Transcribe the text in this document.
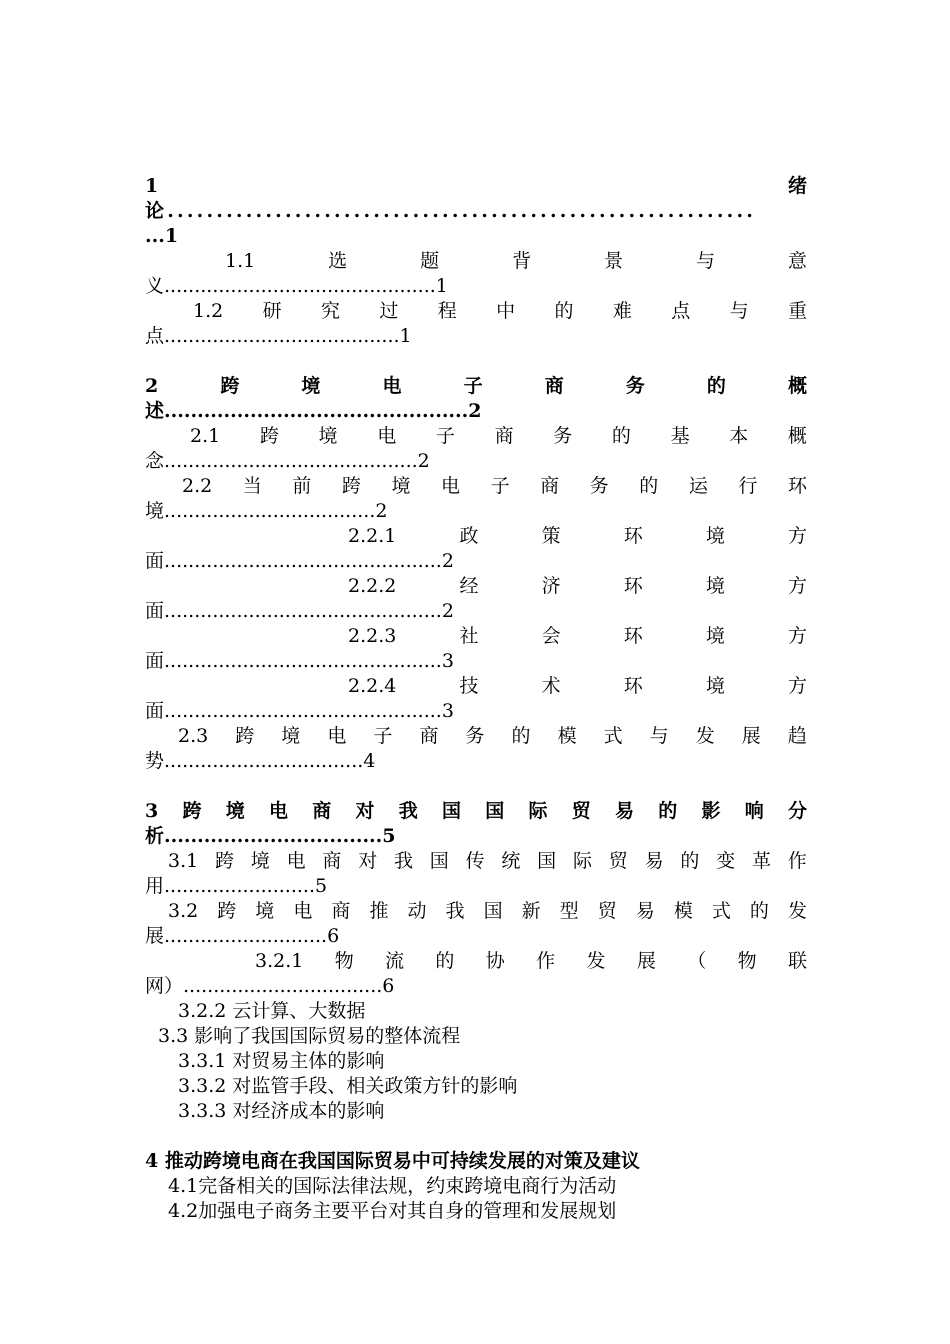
1	绪
论............................................................
...1
1.1	选	题	背	景	与	意
义.............................................1
1.2 研 究 过 程 中 的 难 点 与 重
点.......................................1
2	跨	境	电	子	商	务	的	概
述..............................................2
2.1 跨 境 电 子 商 务 的 基 本 概
念..........................................2
2.2 当 前 跨 境 电 子 商 务 的 运 行 环
境...................................2
2.2.1	政	策	环	境	方
面..............................................2
2.2.2	经	济	环	境	方
面..............................................2
2.2.3	社	会	环	境	方
面..............................................3
2.2.4	技	术	环	境	方
面..............................................3
2.3 跨 境 电 子 商 务 的 模 式 与 发 展 趋
势.................................4
3 跨 境 电 商 对 我 国 国 际 贸 易 的 影 响 分
析.................................5
3.1 跨 境 电 商 对 我 国 传 统 国 际 贸 易 的 变 革 作
用.........................5
3.2 跨 境 电 商 推 动 我 国 新 型 贸 易 模 式 的 发
展...........................6
3.2.1 物 流 的 协 作 发 展 （ 物 联
网）.................................6
3.2.2 云计算、大数据
3.3 影响了我国国际贸易的整体流程
3.3.1 对贸易主体的影响
3.3.2 对监管手段、相关政策方针的影响
3.3.3 对经济成本的影响
4 推动跨境电商在我国国际贸易中可持续发展的对策及建议
4.1完备相关的国际法律法规，约束跨境电商行为活动
4.2加强电子商务主要平台对其自身的管理和发展规划
